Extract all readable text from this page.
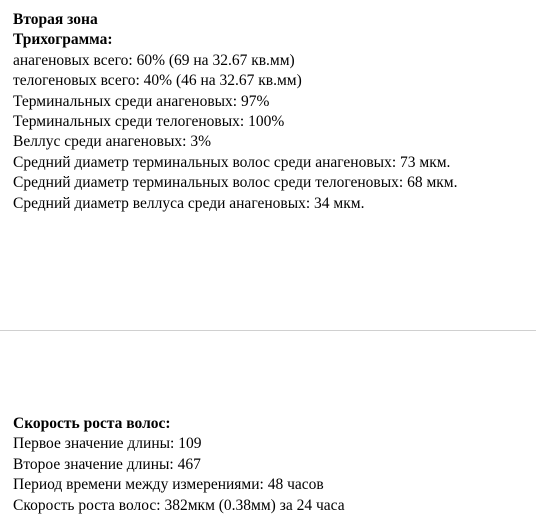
Вторая зона

Трихограмма:

анагеновых всего: 60% (69 на 32.67 кв.мм)

телогеновых всего: 40% (46 на 32.67 кв.мм)

Терминальных среди анагеновых: 97%

Терминальных среди телогеновых: 100%

Веллус среди анагеновых: 3%

Средний диаметр терминальных волос среди анагеновых: 73 мкм.

Средний диаметр терминальных волос среди телогеновых: 68 мкм.

Средний диаметр веллуса среди анагеновых: 34 мкм.

Скорость роста волос:

Первое значение длины: 109

Второе значение длины: 467

Период времени между измерениями: 48 часов

Скорость роста волос: 382мкм (0.38мм) за 24 часа
